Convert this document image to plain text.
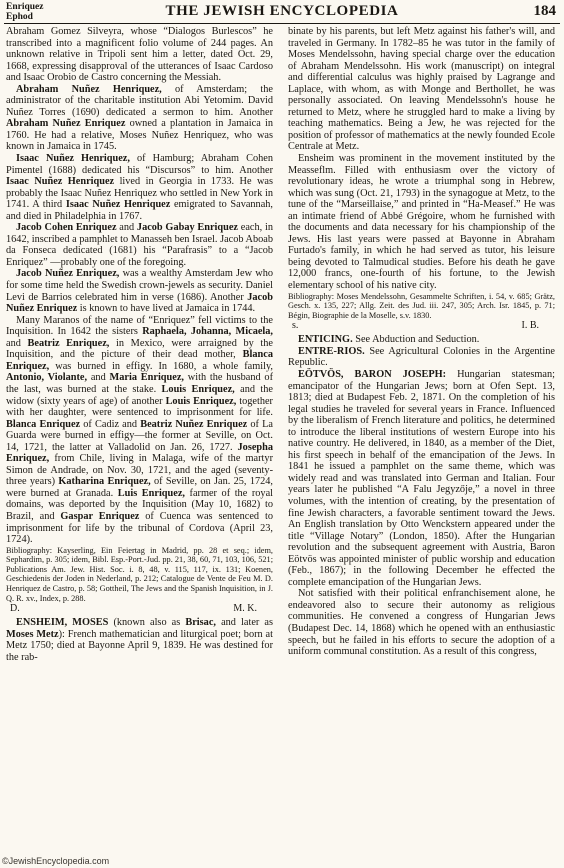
Enriquez
Ephod	THE JEWISH ENCYCLOPEDIA	184

Abraham Gomez Silveyra, whose “Dialogos Burlescos” he transcribed into a magnificent folio volume of 244 pages. An unknown relative in Tripoli sent him a letter, dated Oct. 29, 1668, expressing disapproval of the utterances of Isaac Cardoso and Isaac Orobio de Castro concerning the Messiah.

Abraham Nuñez Henriquez, of Amsterdam; the administrator of the charitable institution Abi Yetomim. David Nuñez Torres (1690) dedicated a sermon to him. Another Abraham Nuñez Enriquez owned a plantation in Jamaica in 1760. He had a relative, Moses Nuñez Henriquez, who was known in Jamaica in 1745.

Isaac Nuñez Henriquez, of Hamburg; Abraham Cohen Pimentel (1688) dedicated his “Discursos” to him. Another Isaac Nuñez Henriquez lived in Georgia in 1733. He was probably the Isaac Nuñez Henriquez who settled in New York in 1741. A third Isaac Nuñez Henriquez emigrated to Savannah, and died in Philadelphia in 1767.

Jacob Cohen Enriquez and Jacob Gabay Enriquez each, in 1642, inscribed a pamphlet to Manasseh ben Israel. Jacob Aboab da Fonseca dedicated (1681) his “Parafrasis” to a “Jacob Enriquez” —probably one of the foregoing.

Jacob Nuñez Enriquez, was a wealthy Amsterdam Jew who for some time held the Swedish crown-jewels as security. Daniel Levi de Barrios celebrated him in verse (1686). Another Jacob Nuñez Enriquez is known to have lived at Jamaica in 1744.

Many Maranos of the name of “Enriquez” fell victims to the Inquisition. In 1642 the sisters Raphaela, Johanna, Micaela, and Beatriz Enriquez, in Mexico, were arraigned by the Inquisition, and the picture of their dead mother, Blanca Enriquez, was burned in effigy. In 1680, a whole family, Antonio, Violante, and Maria Enriquez, with the husband of the last, was burned at the stake. Louis Enriquez, and the widow (sixty years of age) of another Louis Enriquez, together with her daughter, were sentenced to imprisonment for life. Blanca Enriquez of Cadiz and Beatriz Nuñez Enriquez of La Guarda were burned in effigy—the former at Seville, on Oct. 14, 1721, the latter at Valladolid on Jan. 26, 1727. Josepha Enriquez, from Chile, living in Malaga, wife of the martyr Simon de Andrade, on Nov. 30, 1721, and the aged (seventy-three years) Katharina Enriquez, of Seville, on Jan. 25, 1724, were burned at Granada. Luis Enriquez, farmer of the royal domains, was deported by the Inquisition (May 10, 1682) to Brazil, and Gaspar Enriquez of Cuenca was sentenced to imprisonment for life by the tribunal of Cordova (April 23, 1724).

Bibliography: Kayserling, Ein Feiertag in Madrid, pp. 28 et seq.; idem, Sephardim, p. 305; idem, Bibl. Esp.-Port.-Jud. pp. 21, 38, 60, 71, 103, 106, 521; Publications Am. Jew. Hist. Soc. i. 8, 48, v. 115, 117, ix. 131; Koenen, Geschiedenis der Joden in Nederland, p. 212; Catalogue de Vente de Feu M. D. Henriquez de Castro, p. 58; Gottheil, The Jews and the Spanish Inquisition, in J. Q. R. xv., Index, p. 288.

D.	M. K.

ENSHEIM, MOSES (known also as Brisac, and later as Moses Metz): French mathematician and liturgical poet; born at Metz 1750; died at Bayonne April 9, 1839. He was destined for the rab-

binate by his parents, but left Metz against his father's will, and traveled in Germany. In 1782–85 he was tutor in the family of Moses Mendelssohn, having special charge over the education of Abraham Mendelssohn. His work (manuscript) on integral and differential calculus was highly praised by Lagrange and Laplace, with whom, as with Monge and Berthollet, he was personally associated. On leaving Mendelssohn's house he returned to Metz, where he struggled hard to make a living by teaching mathematics. Being a Jew, he was rejected for the position of professor of mathematics at the newly founded Ecole Centrale at Metz.

Ensheim was prominent in the movement instituted by the Measseflm. Filled with enthusiasm over the victory of revolutionary ideas, he wrote a triumphal song in Hebrew, which was sung (Oct. 21, 1793) in the synagogue at Metz, to the tune of the “Marseillaise,” and printed in “Ha-Measef.” He was an intimate friend of Abbé Grégoire, whom he furnished with the documents and data necessary for his championship of the Jews. His last years were passed at Bayonne in Abraham Furtado's family, in which he had served as tutor, his leisure being devoted to Talmudical studies. Before his death he gave 12,000 francs, one-fourth of his fortune, to the Jewish elementary school of his native city.

Bibliography: Moses Mendelssohn, Gesammelte Schriften, i. 54, v. 685; Grätz, Gesch. x. 135, 227; Allg. Zeit. des Jud. iii. 247, 305; Arch. Isr. 1845, p. 71; Bégin, Biographie de la Moselle, s.v. 1830.

s.	I. B.

ENTICING. See Abduction and Seduction.

ENTRE-RIOS. See Agricultural Colonies in the Argentine Republic.

EÖTVÖS, BARON JOSEPH: Hungarian statesman; emancipator of the Hungarian Jews; born at Ofen Sept. 13, 1813; died at Budapest Feb. 2, 1871. On the completion of his legal studies he traveled for several years in France. Influenced by the liberalism of French literature and politics, he determined to introduce the liberal institutions of western Europe into his native country. He delivered, in 1840, as a member of the Diet, his first speech in behalf of the emancipation of the Jews. In 1841 he issued a pamphlet on the same theme, which was widely read and was translated into German and Italian. Four years later he published “A Falu Jegyzője,” a novel in three volumes, with the intention of creating, by the presentation of fine Jewish characters, a favorable sentiment toward the Jews. An English translation by Otto Wenckstern appeared under the title “Village Notary” (London, 1850). After the Hungarian revolution and the subsequent agreement with Austria, Baron Eötvös was appointed minister of public worship and education (Feb., 1867); in the following December he effected the complete emancipation of the Hungarian Jews.

Not satisfied with their political enfranchisement alone, he endeavored also to secure their autonomy as religious communities. He convened a congress of Hungarian Jews (Budapest Dec. 14, 1868) which he opened with an enthusiastic speech, but he failed in his efforts to secure the adoption of a uniform communal constitution. As a result of this congress,

©JewishEncyclopedia.com
